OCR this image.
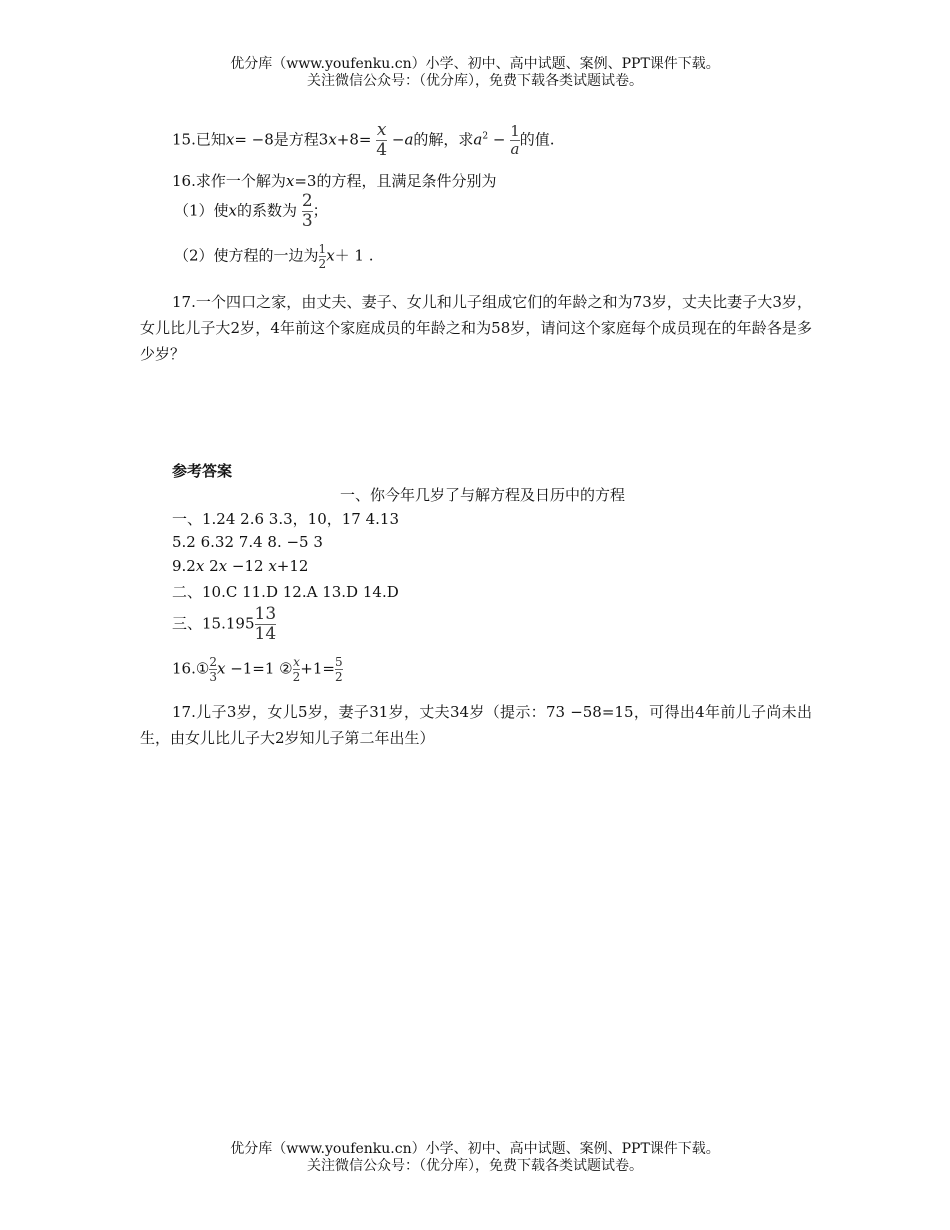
优分库（www.youfenku.cn）小学、初中、高中试题、案例、PPT课件下载。
关注微信公众号：（优分库），免费下载各类试题试卷。
15.已知x= −8是方程$3x+8= \frac{x}{4} -a$的解，求$a^2 - \frac{1}{a}$ 的值.
16.求作一个解为x=3的方程，且满足条件分别为
（1）使x的系数为 $\frac{2}{3}$ ；
（2）使方程的一边为 $\frac{1}{2} x+ 1$ .
17.一个四口之家，由丈夫、妻子、女儿和儿子组成它们的年龄之和为73岁，丈夫比妻子大3岁，女儿比儿子大2岁，4年前这个家庭成员的年龄之和为58岁，请问这个家庭每个成员现在的年龄各是多少岁？
参考答案
一、你今年几岁了与解方程及日历中的方程
一、1.24 2.6 3.3，10，17 4.13
5.2 6.32 7.4 8. −5 3
9.2x 2x −12 x+12
二、10.C 11.D 12.A 13.D 14.D
三、$15.195 \frac{13}{14}$
16.① $\frac{2}{3}$ x −1=1 ② $\frac{x}{2} +1= \frac{5}{2}$
17.儿子3岁，女儿5岁，妻子31岁，丈夫34岁（提示：73 −58=15，可得出4年前儿子尚未出生，由女儿比儿子大2岁知儿子第二年出生）
优分库（www.youfenku.cn）小学、初中、高中试题、案例、PPT课件下载。
关注微信公众号：（优分库），免费下载各类试题试卷。
